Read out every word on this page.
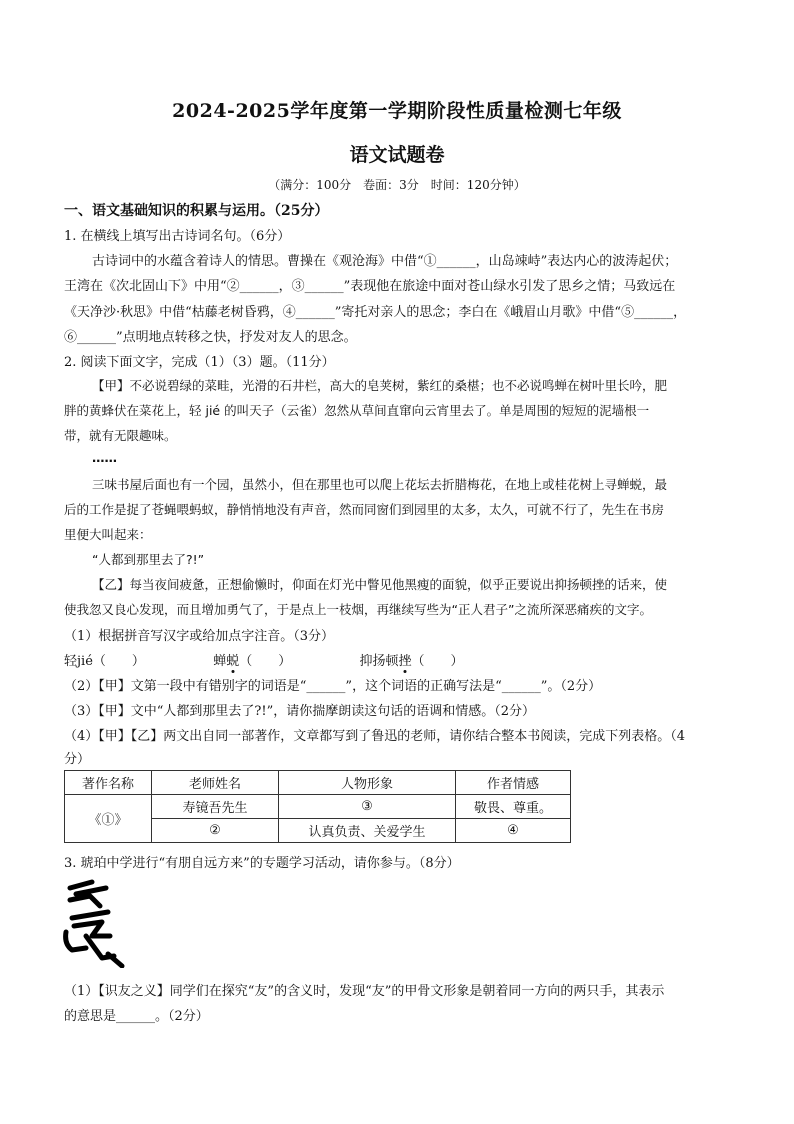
2024-2025学年度第一学期阶段性质量检测七年级
语文试题卷
（满分：100分　卷面：3分　时间：120分钟）
一、语文基础知识的积累与运用。（25分）
1. 在横线上填写出古诗词名句。（6分）
古诗词中的水蕴含着诗人的情思。曹操在《观沧海》中借“①______，山岛竦峙”表达内心的波涛起伏；
王湾在《次北固山下》中用“②______，③______”表现他在旅途中面对苍山绿水引发了思乡之情；马致远在
《天净沙·秋思》中借“枯藤老树昏鸦，④______”寄托对亲人的思念；李白在《峨眉山月歌》中借“⑤______，
⑥______”点明地点转移之快，抒发对友人的思念。
2. 阅读下面文字，完成（1）（3）题。（11分）
【甲】不必说碧绿的菜畦，光滑的石井栏，高大的皂荚树，紫红的桑椹；也不必说鸣蝉在树叶里长吟，肥
胖的黄蜂伏在菜花上，轻 jié 的叫天子（云雀）忽然从草间直窜向云宵里去了。单是周围的短短的泥墙根一
带，就有无限趣味。
……
三味书屋后面也有一个园，虽然小，但在那里也可以爬上花坛去折腊梅花，在地上或桂花树上寻蝉蜕，最
后的工作是捉了苍蝇喂蚂蚁，静悄悄地没有声音，然而同窗们到园里的太多，太久，可就不行了，先生在书房
里便大叫起来：
“人都到那里去了?!”
【乙】每当夜间疲惫，正想偷懒时，仰面在灯光中瞥见他黑瘦的面貌，似乎正要说出抑扬顿挫的话来，使
使我忽又良心发现，而且增加勇气了，于是点上一枝烟，再继续写些为“正人君子”之流所深恶痛疾的文字。
（1）根据拼音写汉字或给加点字注音。（3分）
轻jié（　　）	蝉蜕（　　）	抑扬顿挫（　　）
（2）【甲】文第一段中有错别字的词语是“______”，这个词语的正确写法是“______”。（2分）
（3）【甲】文中“人都到那里去了?!”，请你揣摩朗读这句话的语调和情感。（2分）
（4）【甲】【乙】两文出自同一部著作，文章都写到了鲁迅的老师，请你结合整本书阅读，完成下列表格。（4
分）
著作名称	老师姓名	人物形象	作者情感
《①》	寿镜吾先生	③	敬畏、尊重。
	②	认真负责、关爱学生	④
3. 琥珀中学进行“有朋自远方来”的专题学习活动，请你参与。（8分）
（1）【识友之义】同学们在探究“友”的含义时，发现“友”的甲骨文形象是朝着同一方向的两只手，其表示
的意思是______。（2分）
